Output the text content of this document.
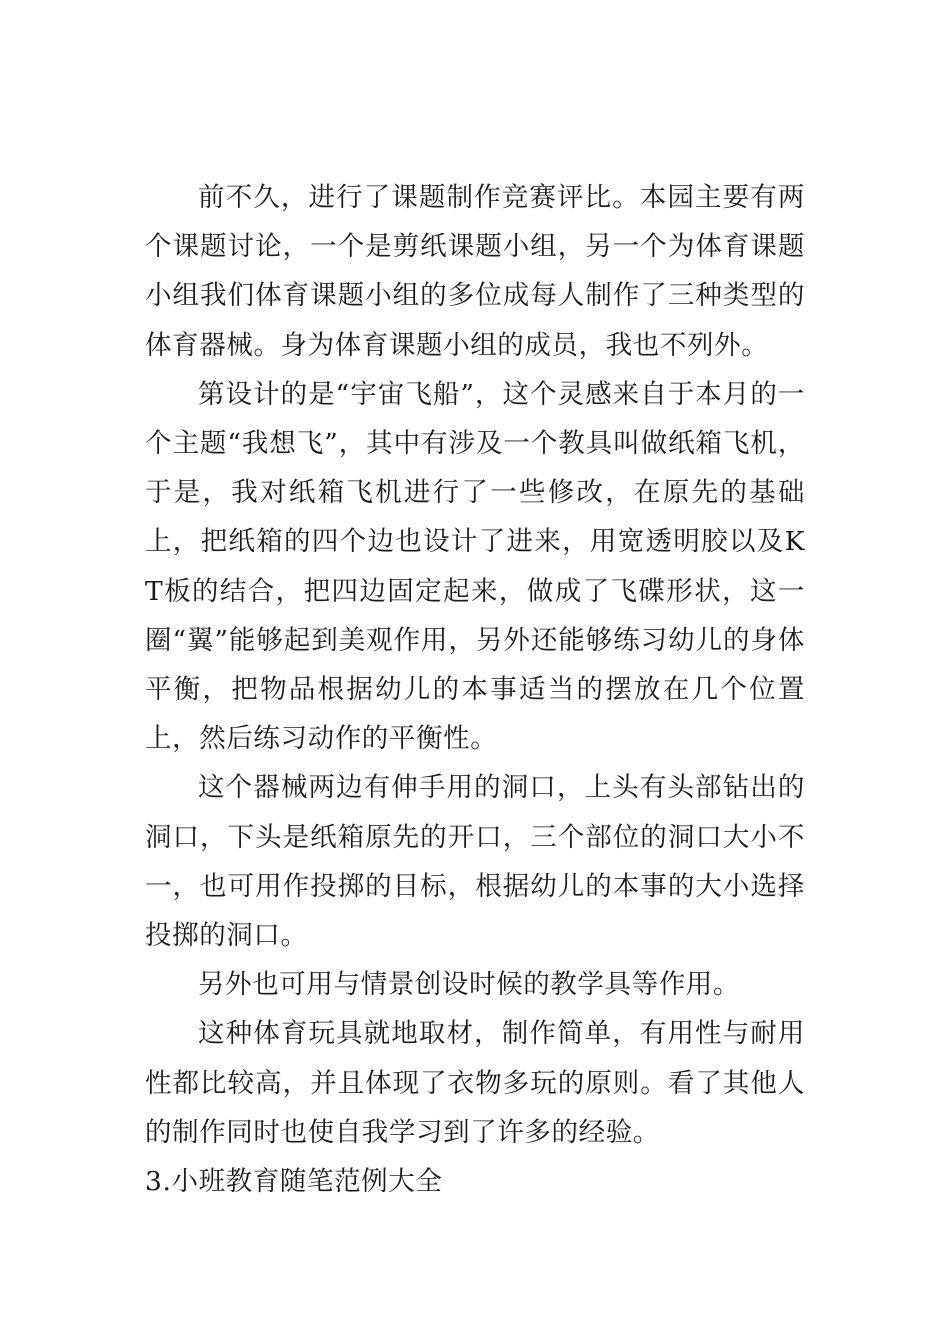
前不久，进行了课题制作竞赛评比。本园主要有两个课题讨论，一个是剪纸课题小组，另一个为体育课题小组我们体育课题小组的多位成每人制作了三种类型的体育器械。身为体育课题小组的成员，我也不列外。

第设计的是“宇宙飞船”，这个灵感来自于本月的一个主题“我想飞”，其中有涉及一个教具叫做纸箱飞机，于是，我对纸箱飞机进行了一些修改，在原先的基础上，把纸箱的四个边也设计了进来，用宽透明胶以及KT板的结合，把四边固定起来，做成了飞碟形状，这一圈“翼”能够起到美观作用，另外还能够练习幼儿的身体平衡，把物品根据幼儿的本事适当的摆放在几个位置上，然后练习动作的平衡性。

这个器械两边有伸手用的洞口，上头有头部钻出的洞口，下头是纸箱原先的开口，三个部位的洞口大小不一，也可用作投掷的目标，根据幼儿的本事的大小选择投掷的洞口。

另外也可用与情景创设时候的教学具等作用。

这种体育玩具就地取材，制作简单，有用性与耐用性都比较高，并且体现了衣物多玩的原则。看了其他人的制作同时也使自我学习到了许多的经验。

3.小班教育随笔范例大全
